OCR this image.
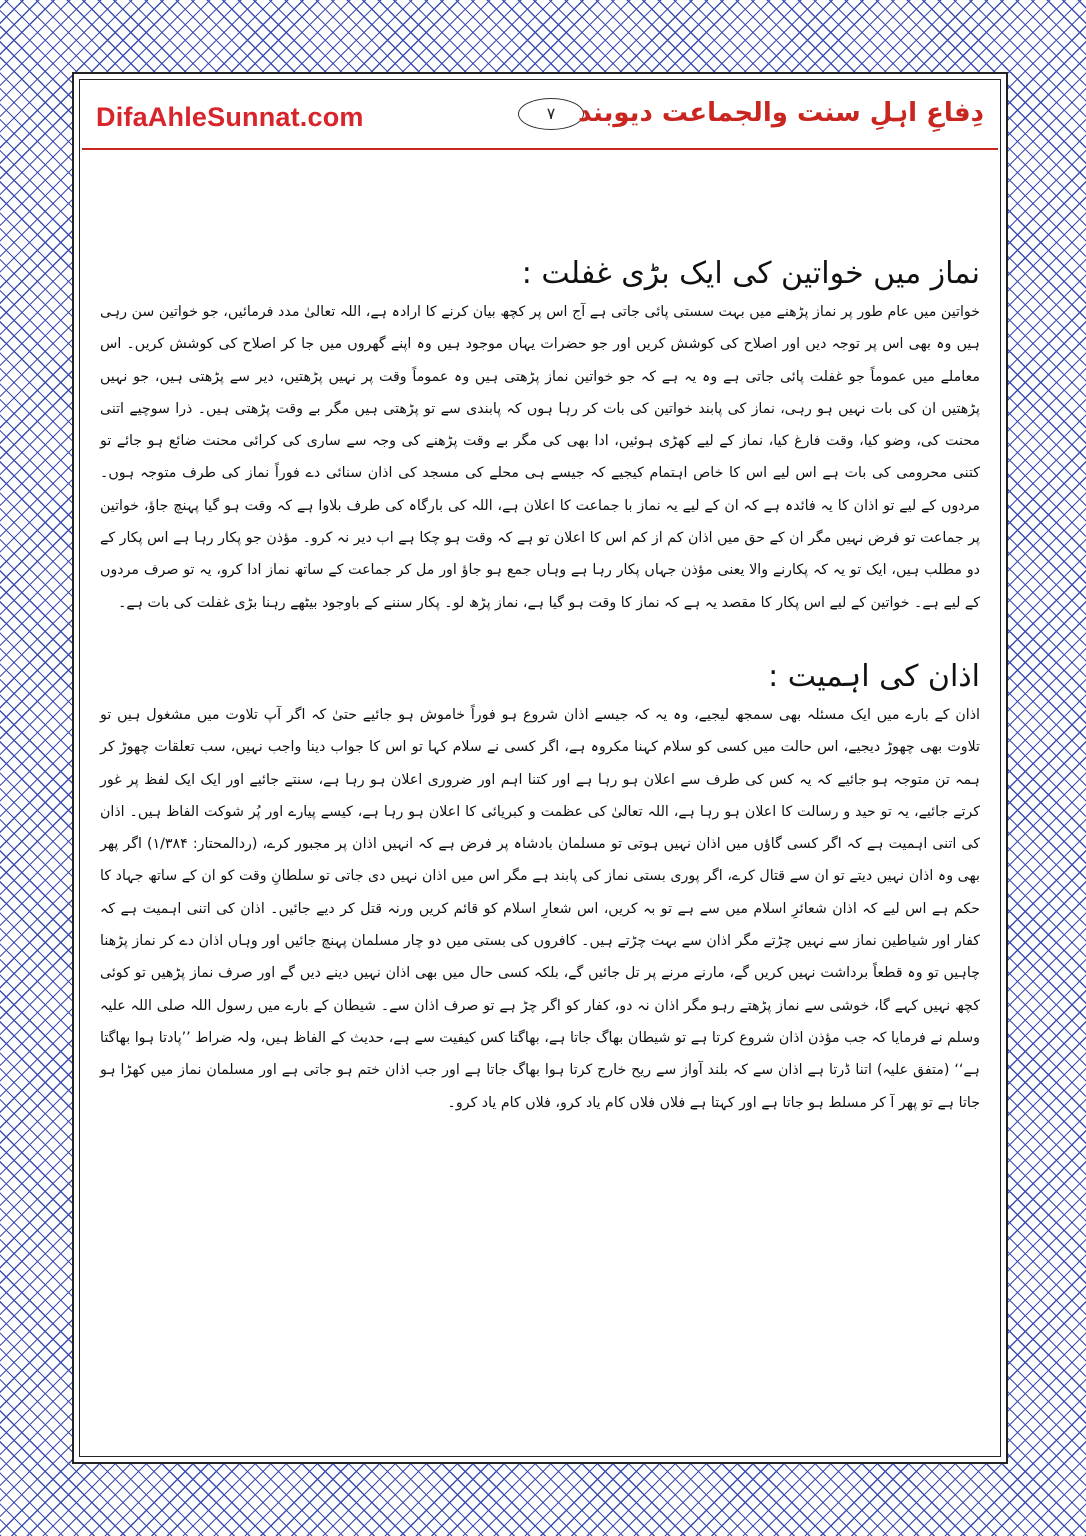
DifaAhleSunnat.com	۷ دِفاعِ اہلِ سنت والجماعت دیوبند
نماز میں خواتین کی ایک بڑی غفلت :

خواتین میں عام طور پر نماز پڑھنے میں بہت سستی پائی جاتی ہے آج اس پر کچھ بیان کرنے کا ارادہ ہے، اللہ تعالیٰ مدد فرمائیں، جو خواتین سن رہی ہیں وہ بھی اس پر توجہ دیں اور اصلاح کی کوشش کریں اور جو حضرات یہاں موجود ہیں وہ اپنے گھروں میں جا کر اصلاح کی کوشش کریں۔ اس معاملے میں عموماً جو غفلت پائی جاتی ہے وہ یہ ہے کہ جو خواتین نماز پڑھتی ہیں وہ عموماً وقت پر نہیں پڑھتیں، دیر سے پڑھتی ہیں، جو نہیں پڑھتیں ان کی بات نہیں ہو رہی، نماز کی پابند خواتین کی بات کر رہا ہوں کہ پابندی سے تو پڑھتی ہیں مگر بے وقت پڑھتی ہیں۔ ذرا سوچیے اتنی محنت کی، وضو کیا، وقت فارغ کیا، نماز کے لیے کھڑی ہوئیں، ادا بھی کی مگر بے وقت پڑھنے کی وجہ سے ساری کی کرائی محنت ضائع ہو جائے تو کتنی محرومی کی بات ہے اس لیے اس کا خاص اہتمام کیجیے کہ جیسے ہی محلے کی مسجد کی اذان سنائی دے فوراً نماز کی طرف متوجہ ہوں۔ مردوں کے لیے تو اذان کا یہ فائدہ ہے کہ ان کے لیے یہ نماز با جماعت کا اعلان ہے، اللہ کی بارگاہ کی طرف بلاوا ہے کہ وقت ہو گیا پہنچ جاؤ، خواتین پر جماعت تو فرض نہیں مگر ان کے حق میں اذان کم از کم اس کا اعلان تو ہے کہ وقت ہو چکا ہے اب دیر نہ کرو۔ مؤذن جو پکار رہا ہے اس پکار کے دو مطلب ہیں، ایک تو یہ کہ پکارنے والا یعنی مؤذن جہاں پکار رہا ہے وہاں جمع ہو جاؤ اور مل کر جماعت کے ساتھ نماز ادا کرو، یہ تو صرف مردوں کے لیے ہے۔ خواتین کے لیے اس پکار کا مقصد یہ ہے کہ نماز کا وقت ہو گیا ہے، نماز پڑھ لو۔ پکار سننے کے باوجود بیٹھے رہنا بڑی غفلت کی بات ہے۔

اذان کی اہمیت :

اذان کے بارے میں ایک مسئلہ بھی سمجھ لیجیے، وہ یہ کہ جیسے اذان شروع ہو فوراً خاموش ہو جائیے حتیٰ کہ اگر آپ تلاوت میں مشغول ہیں تو تلاوت بھی چھوڑ دیجیے، اس حالت میں کسی کو سلام کہنا مکروہ ہے، اگر کسی نے سلام کہا تو اس کا جواب دینا واجب نہیں، سب تعلقات چھوڑ کر ہمہ تن متوجہ ہو جائیے کہ یہ کس کی طرف سے اعلان ہو رہا ہے اور کتنا اہم اور ضروری اعلان ہو رہا ہے، سنتے جائیے اور ایک ایک لفظ پر غور کرتے جائیے، یہ تو حید و رسالت کا اعلان ہو رہا ہے، اللہ تعالیٰ کی عظمت و کبریائی کا اعلان ہو رہا ہے، کیسے پیارے اور پُر شوکت الفاظ ہیں۔ اذان کی اتنی اہمیت ہے کہ اگر کسی گاؤں میں اذان نہیں ہوتی تو مسلمان بادشاہ پر فرض ہے کہ انہیں اذان پر مجبور کرے، (ردالمحتار: ۱/۳۸۴) اگر پھر بھی وہ اذان نہیں دیتے تو ان سے قتال کرے، اگر پوری بستی نماز کی پابند ہے مگر اس میں اذان نہیں دی جاتی تو سلطانِ وقت کو ان کے ساتھ جہاد کا حکم ہے اس لیے کہ اذان شعائرِ اسلام میں سے ہے تو بہ کریں، اس شعارِ اسلام کو قائم کریں ورنہ قتل کر دیے جائیں۔ اذان کی اتنی اہمیت ہے کہ کفار اور شیاطین نماز سے نہیں چڑتے مگر اذان سے بہت چڑتے ہیں۔ کافروں کی بستی میں دو چار مسلمان پہنچ جائیں اور وہاں اذان دے کر نماز پڑھنا چاہیں تو وہ قطعاً برداشت نہیں کریں گے، مارنے مرنے پر تل جائیں گے، بلکہ کسی حال میں بھی اذان نہیں دینے دیں گے اور صرف نماز پڑھیں تو کوئی کچھ نہیں کہے گا، خوشی سے نماز پڑھتے رہو مگر اذان نہ دو، کفار کو اگر چڑ ہے تو صرف اذان سے۔ شیطان کے بارے میں رسول اللہ صلی اللہ علیہ وسلم نے فرمایا کہ جب مؤذن اذان شروع کرتا ہے تو شیطان بھاگ جاتا ہے، بھاگتا کس کیفیت سے ہے، حدیث کے الفاظ ہیں، ولہ ضراط ’’پادتا ہوا بھاگتا ہے‘‘ (متفق علیہ) اتنا ڈرتا ہے اذان سے کہ بلند آواز سے ریح خارج کرتا ہوا بھاگ جاتا ہے اور جب اذان ختم ہو جاتی ہے اور مسلمان نماز میں کھڑا ہو جاتا ہے تو پھر آ کر مسلط ہو جاتا ہے اور کہتا ہے فلاں فلاں کام یاد کرو، فلاں کام یاد کرو۔
